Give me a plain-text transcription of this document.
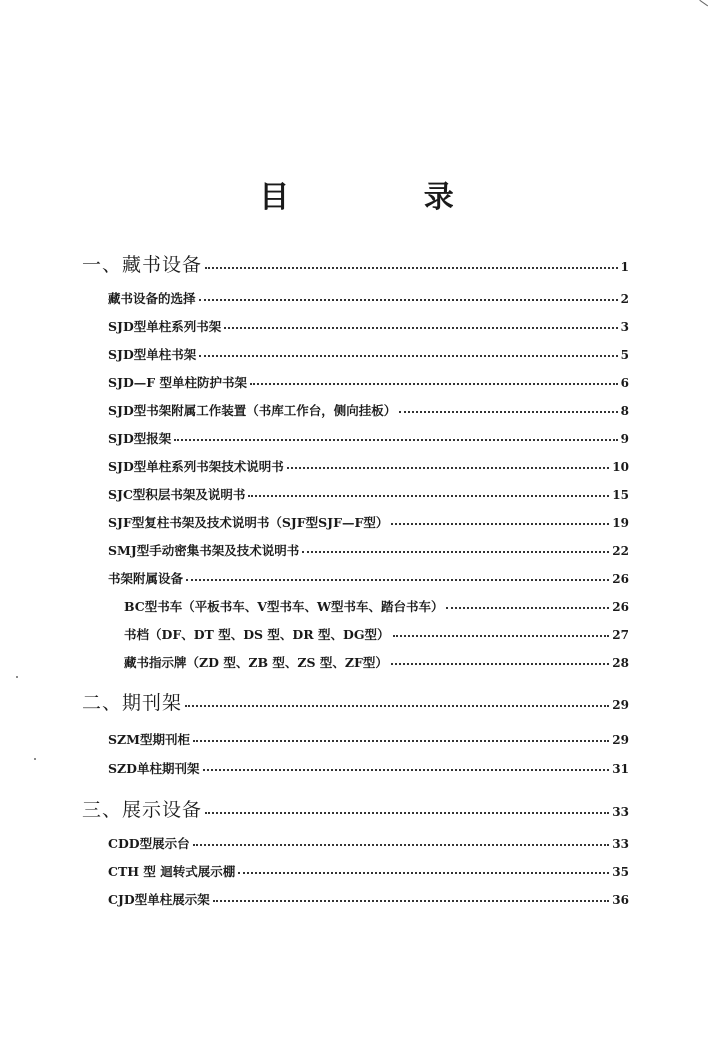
目 录
一、藏书设备	1
藏书设备的选择	2
SJD型单柱系列书架	3
SJD型单柱书架	5
SJD—F 型单柱防护书架	6
SJD型书架附属工作装置（书库工作台，侧向挂板）	8
SJD型报架	9
SJD型单柱系列书架技术说明书	10
SJC型积层书架及说明书	15
SJF型复柱书架及技术说明书（SJF型SJF—F型）	19
SMJ型手动密集书架及技术说明书	22
书架附属设备	26
BC型书车（平板书车、V型书车、W型书车、踏台书车）	26
书档（DF、DT 型、DS 型、DR 型、DG型）	27
藏书指示牌（ZD 型、ZB 型、ZS 型、ZF型）	28
二、期刊架	29
SZM型期刊柜	29
SZD单柱期刊架	31
三、展示设备	33
CDD型展示台	33
CTH 型 迴转式展示棚	35
CJD型单柱展示架	36
